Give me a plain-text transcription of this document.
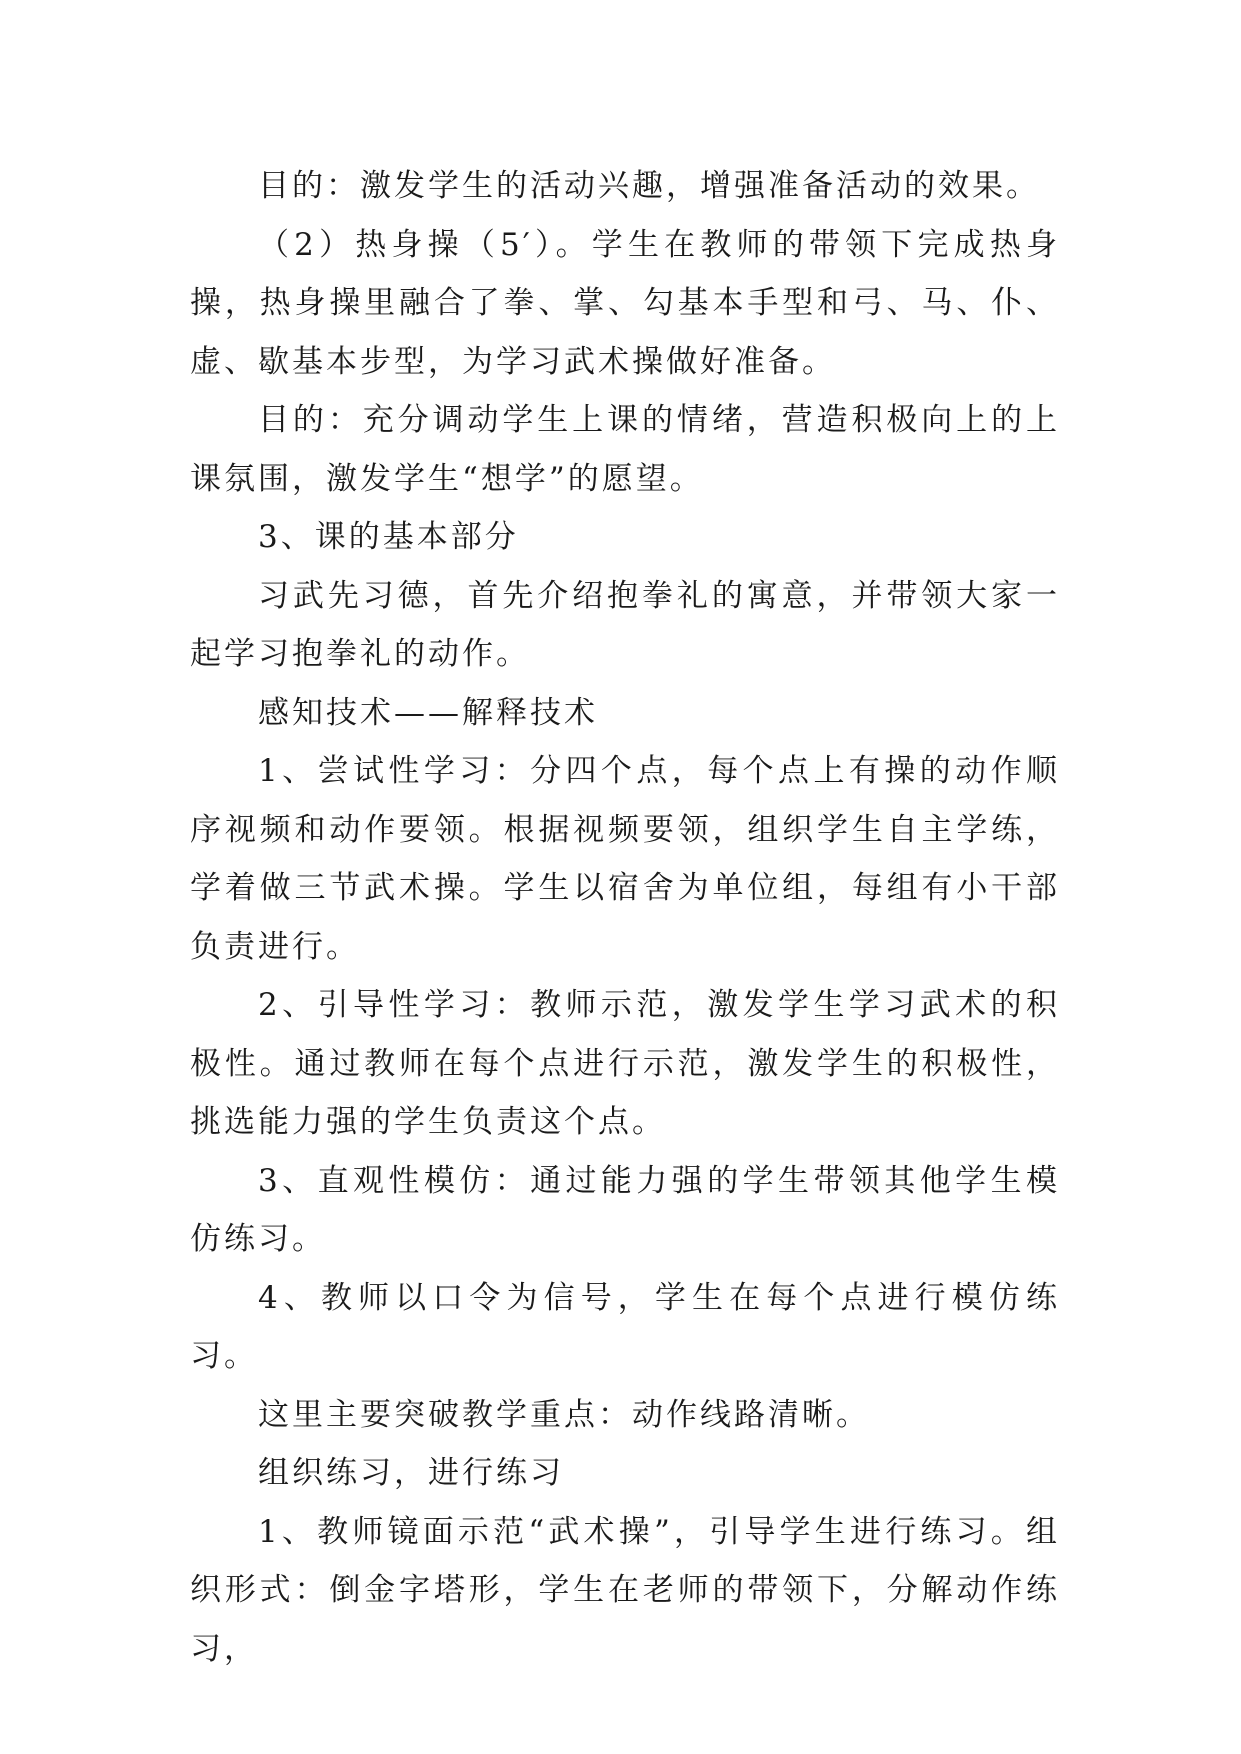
目的：激发学生的活动兴趣，增强准备活动的效果。

（2）热身操（5′）。学生在教师的带领下完成热身操，热身操里融合了拳、掌、勾基本手型和弓、马、仆、虚、歇基本步型，为学习武术操做好准备。

目的：充分调动学生上课的情绪，营造积极向上的上课氛围，激发学生“想学”的愿望。

3、课的基本部分

习武先习德，首先介绍抱拳礼的寓意，并带领大家一起学习抱拳礼的动作。

感知技术——解释技术

1、尝试性学习：分四个点，每个点上有操的动作顺序视频和动作要领。根据视频要领，组织学生自主学练，学着做三节武术操。学生以宿舍为单位组，每组有小干部负责进行。

2、引导性学习：教师示范，激发学生学习武术的积极性。通过教师在每个点进行示范，激发学生的积极性，挑选能力强的学生负责这个点。

3、直观性模仿：通过能力强的学生带领其他学生模仿练习。

4、教师以口令为信号，学生在每个点进行模仿练习。

这里主要突破教学重点：动作线路清晰。

组织练习，进行练习

1、教师镜面示范“武术操”，引导学生进行练习。组织形式：倒金字塔形，学生在老师的带领下，分解动作练习，
